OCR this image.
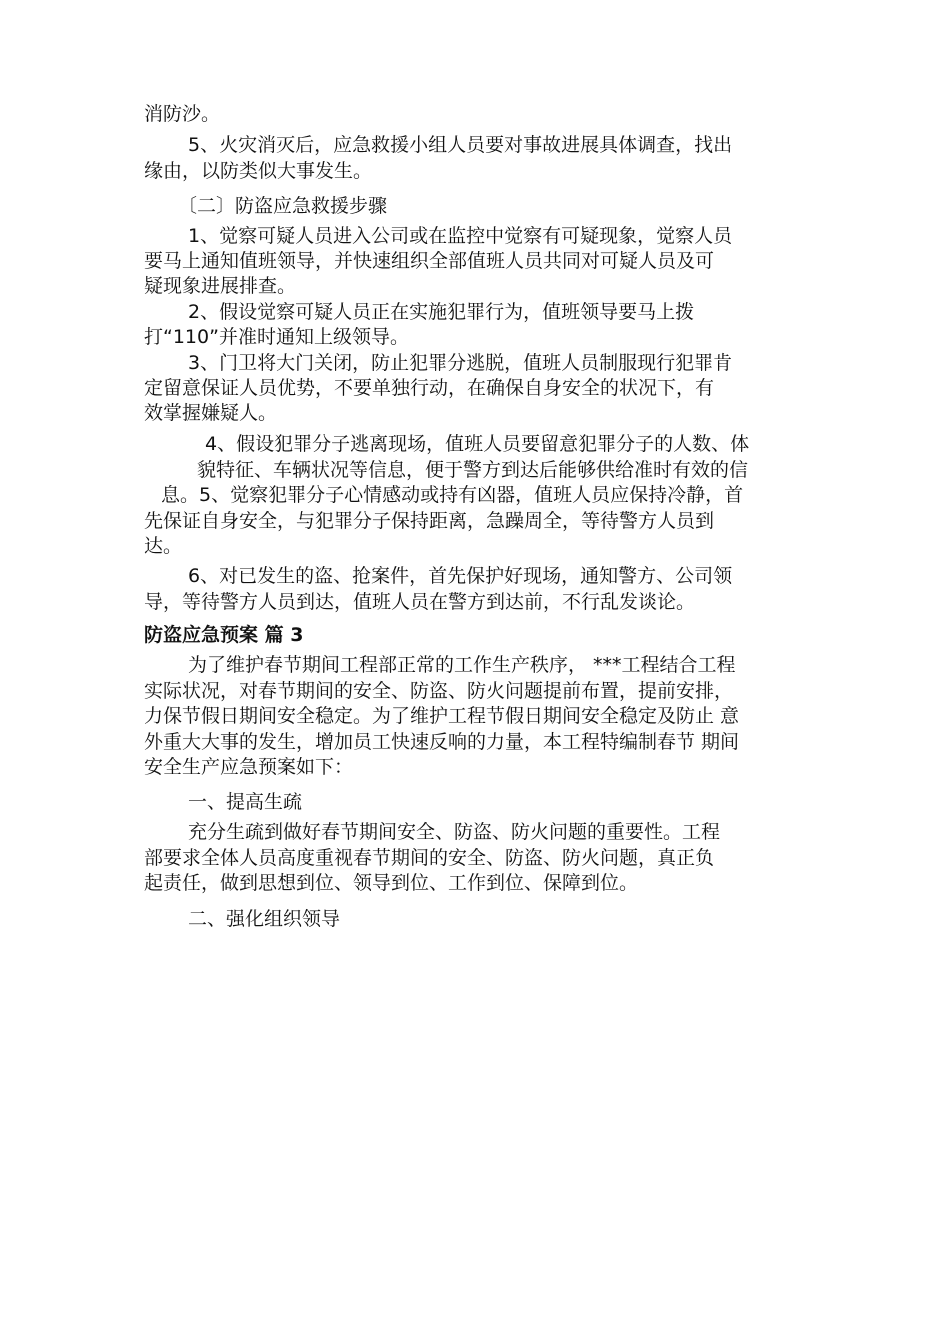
消防沙。

5、火灾消灭后，应急救援小组人员要对事故进展具体调查，找出

缘由，以防类似大事发生。

〔二〕防盗应急救援步骤

1、觉察可疑人员进入公司或在监控中觉察有可疑现象，觉察人员

要马上通知值班领导，并快速组织全部值班人员共同对可疑人员及可

疑现象进展排查。

2、假设觉察可疑人员正在实施犯罪行为，值班领导要马上拨

打“110”并准时通知上级领导。

3、门卫将大门关闭，防止犯罪分逃脱，值班人员制服现行犯罪肯

定留意保证人员优势，不要单独行动，在确保自身安全的状况下，有

效掌握嫌疑人。

4、假设犯罪分子逃离现场，值班人员要留意犯罪分子的人数、体

貌特征、车辆状况等信息，便于警方到达后能够供给准时有效的信

息。5、觉察犯罪分子心情感动或持有凶器，值班人员应保持冷静，首

先保证自身安全，与犯罪分子保持距离，急躁周全，等待警方人员到

达。

6、对已发生的盗、抢案件，首先保护好现场，通知警方、公司领

导，等待警方人员到达，值班人员在警方到达前，不行乱发谈论。

防盗应急预案 篇 3

为了维护春节期间工程部正常的工作生产秩序， ***工程结合工程

实际状况，对春节期间的安全、防盗、防火问题提前布置，提前安排，

力保节假日期间安全稳定。为了维护工程节假日期间安全稳定及防止 意

外重大大事的发生，增加员工快速反响的力量，本工程特编制春节 期间

安全生产应急预案如下：

一、提高生疏

充分生疏到做好春节期间安全、防盗、防火问题的重要性。工程

部要求全体人员高度重视春节期间的安全、防盗、防火问题，真正负

起责任，做到思想到位、领导到位、工作到位、保障到位。

二、强化组织领导
